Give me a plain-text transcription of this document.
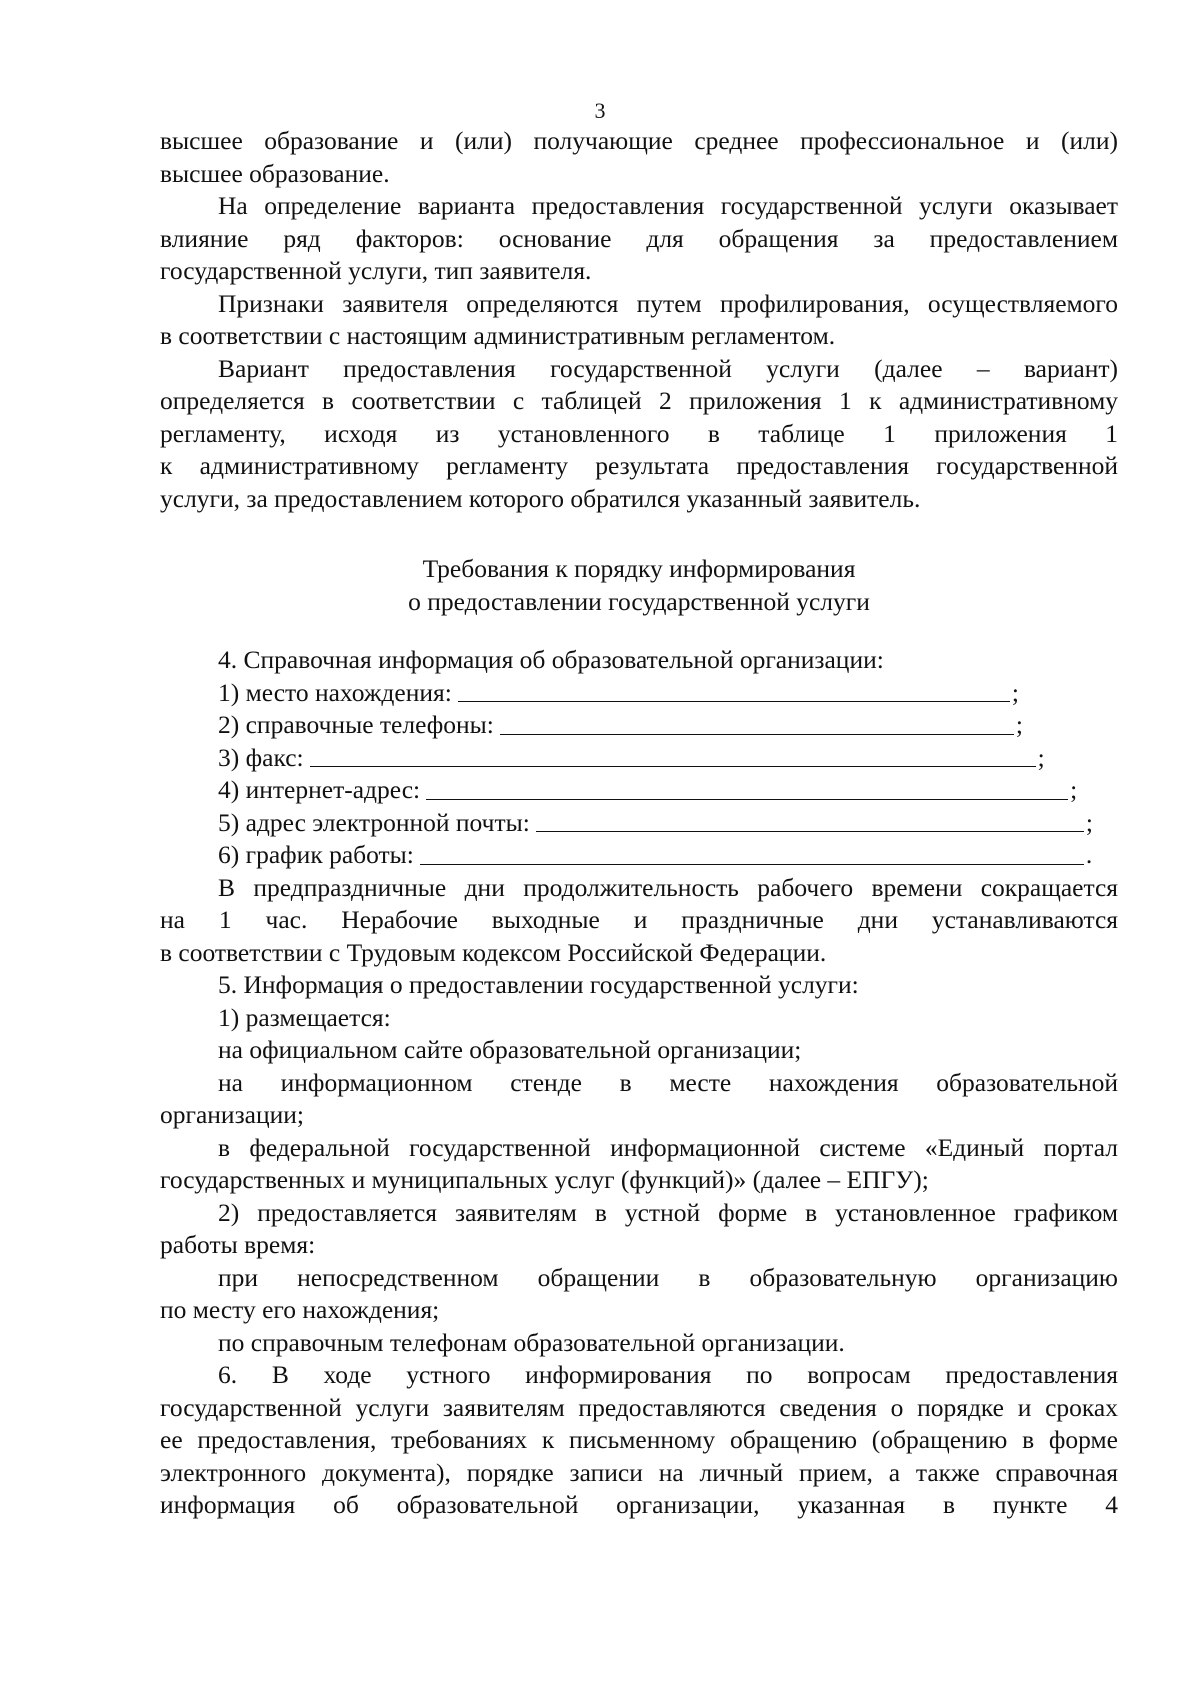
3
высшее образование и (или) получающие среднее профессиональное и (или)
высшее образование.
На определение варианта предоставления государственной услуги оказывает
влияние ряд факторов: основание для обращения за предоставлением
государственной услуги, тип заявителя.
Признаки заявителя определяются путем профилирования, осуществляемого
в соответствии с настоящим административным регламентом.
Вариант предоставления государственной услуги (далее – вариант)
определяется в соответствии с таблицей 2 приложения 1 к административному
регламенту, исходя из установленного в таблице 1 приложения 1
к административному регламенту результата предоставления государственной
услуги, за предоставлением которого обратился указанный заявитель.
Требования к порядку информирования
о предоставлении государственной услуги
4. Справочная информация об образовательной организации:
1) место нахождения:	;
2) справочные телефоны:	;
3) факс:	;
4) интернет-адрес:	;
5) адрес электронной почты:	;
6) график работы:	.
В предпраздничные дни продолжительность рабочего времени сокращается
на 1 час. Нерабочие выходные и праздничные дни устанавливаются
в соответствии с Трудовым кодексом Российской Федерации.
5. Информация о предоставлении государственной услуги:
1) размещается:
на официальном сайте образовательной организации;
на информационном стенде в месте нахождения образовательной
организации;
в федеральной государственной информационной системе «Единый портал
государственных и муниципальных услуг (функций)» (далее – ЕПГУ);
2) предоставляется заявителям в устной форме в установленное графиком
работы время:
при непосредственном обращении в образовательную организацию
по месту его нахождения;
по справочным телефонам образовательной организации.
6. В ходе устного информирования по вопросам предоставления
государственной услуги заявителям предоставляются сведения о порядке и сроках
ее предоставления, требованиях к письменному обращению (обращению в форме
электронного документа), порядке записи на личный прием, а также справочная
информация об образовательной организации, указанная в пункте 4
